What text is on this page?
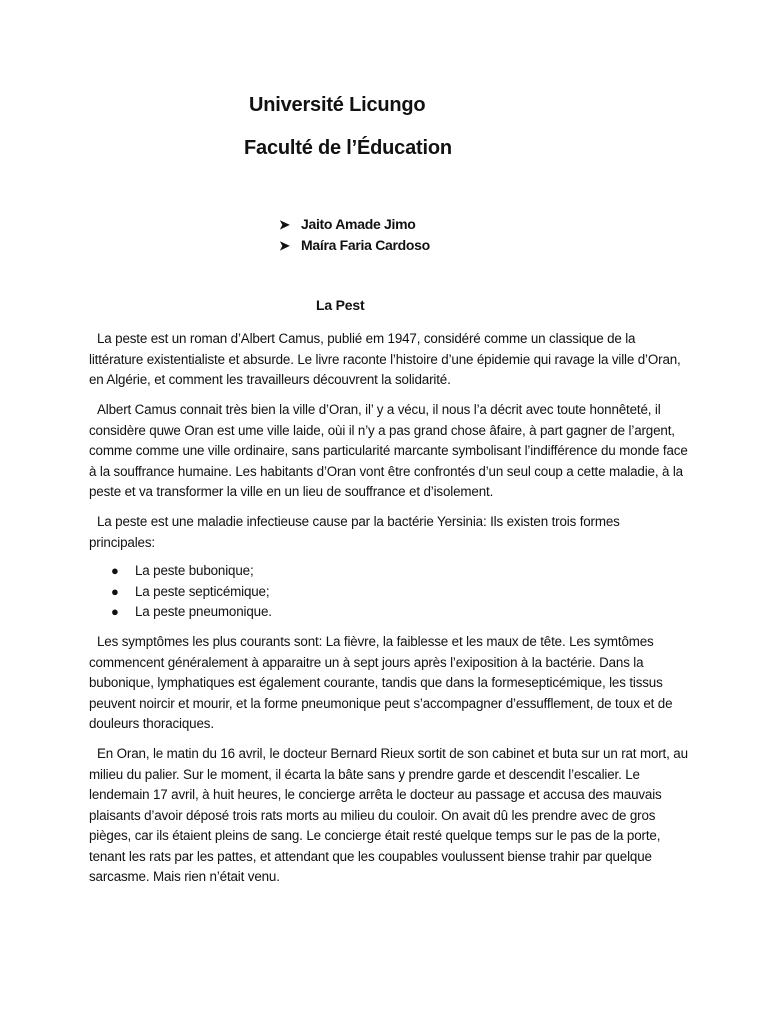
Université Licungo
Faculté de l’Éducation
➤ Jaito Amade Jimo
➤ Maíra Faria Cardoso
La Pest

La peste est un roman d’Albert Camus, publié em 1947, considéré comme un classique de la littérature existentialiste et absurde. Le livre raconte l’histoire d’une épidemie qui ravage la ville d’Oran, en Algérie, et comment les travailleurs découvrent la solidarité.

Albert Camus connait très bien la ville d’Oran, il’ y a vécu, il nous l’a décrit avec toute honnêteté, il considère quwe Oran est ume ville laide, oùi il n’y a pas grand chose âfaire, à part gagner de l’argent, comme comme une ville ordinaire, sans particularité marcante symbolisant l’indifférence du monde face à la souffrance humaine. Les habitants d’Oran vont être confrontés d’un seul coup a cette maladie, à la peste et va transformer la ville en un lieu de souffrance et d’isolement.

La peste est une maladie infectieuse cause par la bactérie Yersinia: Ils existen trois formes principales:

● La peste bubonique;
● La peste septicémique;
● La peste pneumonique.

Les symptômes les plus courants sont: La fièvre, la faiblesse et les maux de tête. Les symtômes commencent généralement à apparaitre un à sept jours après l’exiposition à la bactérie. Dans la bubonique, lymphatiques est également courante, tandis que dans la formesepticémique, les tissus peuvent noircir et mourir, et la forme pneumonique peut s’accompagner d’essufflement, de toux et de douleurs thoraciques.

En Oran, le matin du 16 avril, le docteur Bernard Rieux sortit de son cabinet et buta sur un rat mort, au milieu du palier. Sur le moment, il écarta la bâte sans y prendre garde et descendit l’escalier. Le lendemain 17 avril, à huit heures, le concierge arrêta le docteur au passage et accusa des mauvais plaisants d’avoir déposé trois rats morts au milieu du couloir. On avait dû les prendre avec de gros pièges, car ils étaient pleins de sang. Le concierge était resté quelque temps sur le pas de la porte, tenant les rats par les pattes, et attendant que les coupables voulussent biense trahir par quelque sarcasme. Mais rien n’était venu.
